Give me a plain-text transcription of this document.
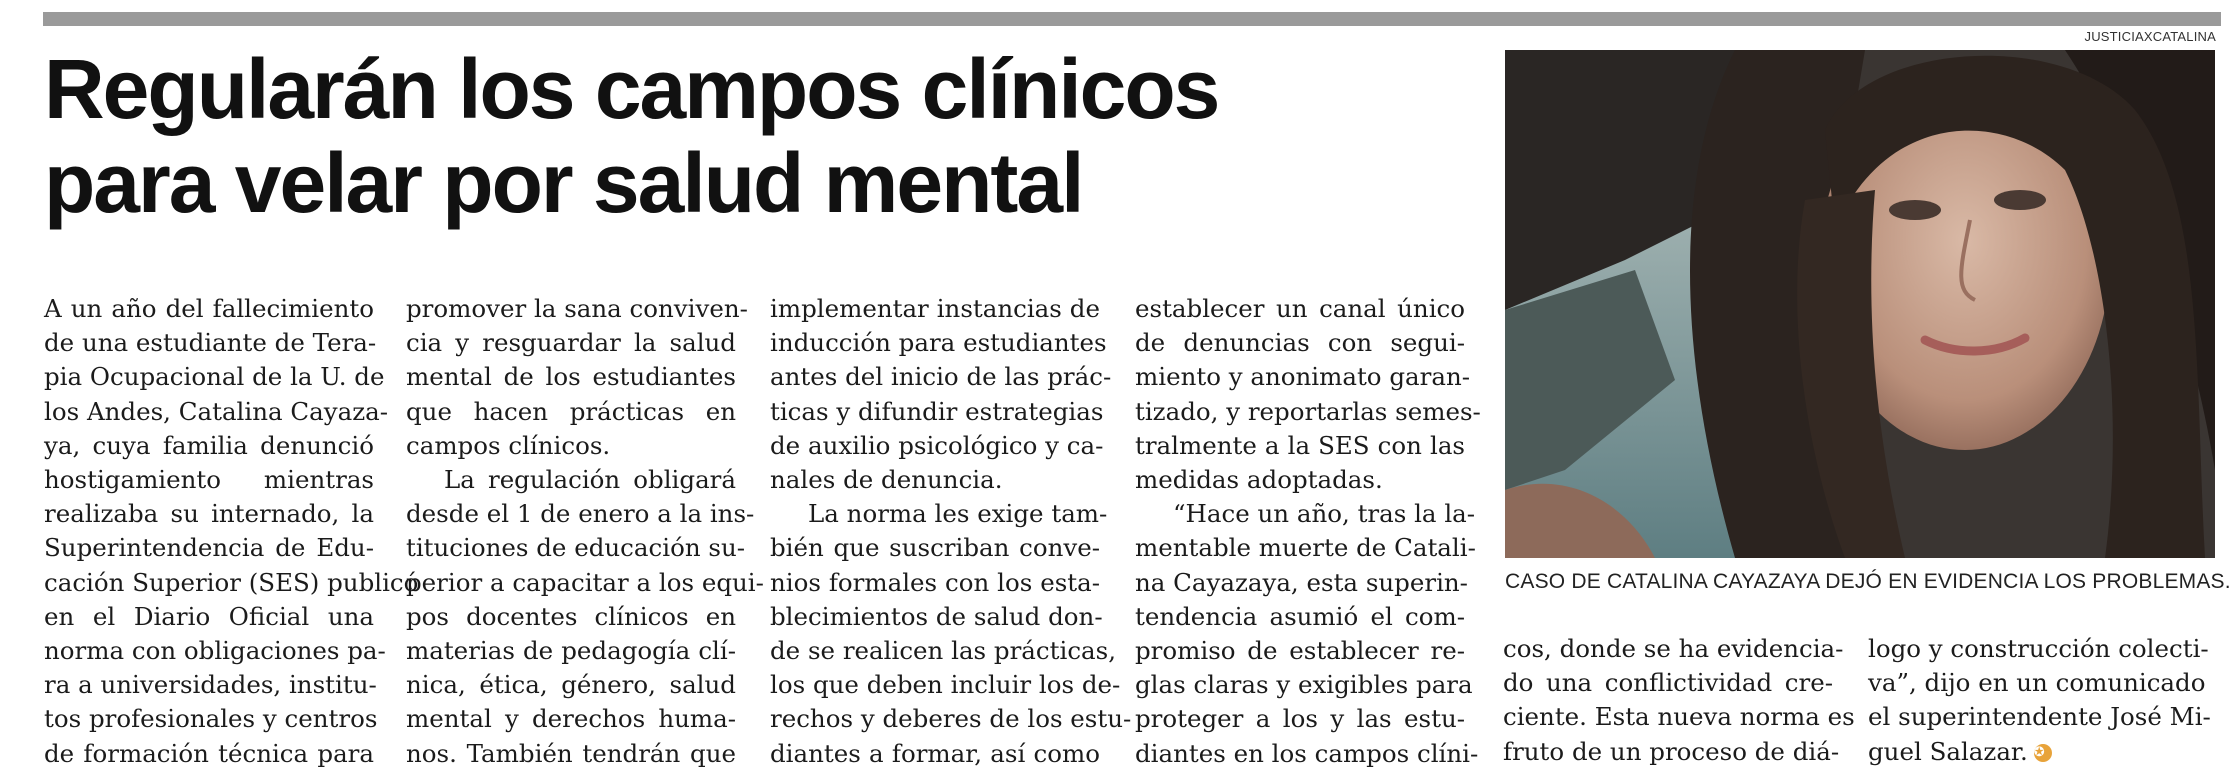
Regularán los campos clínicos
para velar por salud mental
JUSTICIAXCATALINA
CASO DE CATALINA CAYAZAYA DEJÓ EN EVIDENCIA LOS PROBLEMAS.
A un año del fallecimiento
de una estudiante de Tera-
pia Ocupacional de la U. de
los Andes, Catalina Cayaza-
ya, cuya familia denunció
hostigamiento mientras
realizaba su internado, la
Superintendencia de Edu-
cación Superior (SES) publicó
en el Diario Oficial una
norma con obligaciones pa-
ra a universidades, institu-
tos profesionales y centros
de formación técnica para
promover la sana conviven-
cia y resguardar la salud
mental de los estudiantes
que hacen prácticas en
campos clínicos.
La regulación obligará
desde el 1 de enero a la ins-
tituciones de educación su-
perior a capacitar a los equi-
pos docentes clínicos en
materias de pedagogía clí-
nica, ética, género, salud
mental y derechos huma-
nos. También tendrán que
implementar instancias de
inducción para estudiantes
antes del inicio de las prác-
ticas y difundir estrategias
de auxilio psicológico y ca-
nales de denuncia.
La norma les exige tam-
bién que suscriban conve-
nios formales con los esta-
blecimientos de salud don-
de se realicen las prácticas,
los que deben incluir los de-
rechos y deberes de los estu-
diantes a formar, así como
establecer un canal único
de denuncias con segui-
miento y anonimato garan-
tizado, y reportarlas semes-
tralmente a la SES con las
medidas adoptadas.
“Hace un año, tras la la-
mentable muerte de Catali-
na Cayazaya, esta superin-
tendencia asumió el com-
promiso de establecer re-
glas claras y exigibles para
proteger a los y las estu-
diantes en los campos clíni-
cos, donde se ha evidencia-
do una conflictividad cre-
ciente. Esta nueva norma es
fruto de un proceso de diá-
logo y construcción colecti-
va”, dijo en un comunicado
el superintendente José Mi-
guel Salazar. ✪
